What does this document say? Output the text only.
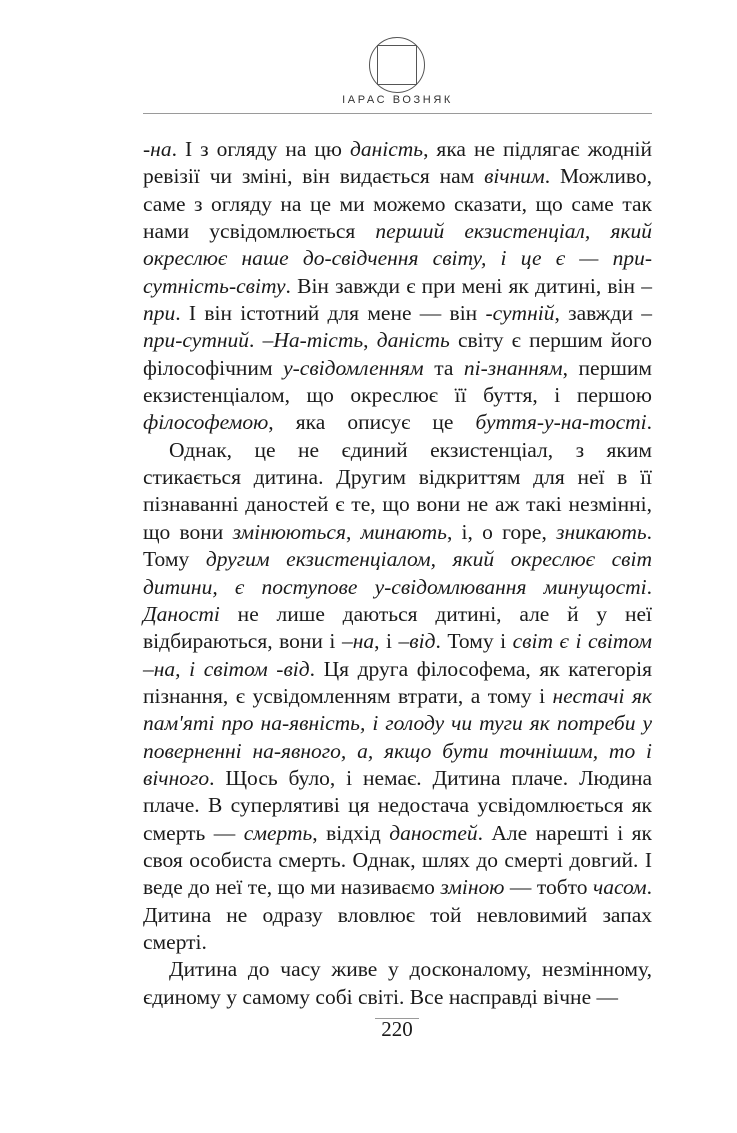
ІАРАС ВОЗНЯК

-на. І з огляду на цю даність, яка не підлягає жодній ревізії чи зміні, він видається нам вічним. Можливо, саме з огляду на це ми можемо сказати, що саме так нами усвідомлюється перший екзистенціал, який окреслює наше до-свідчення світу, і це є — при-сутність-світу. Він завжди є при мені як дитині, він –при. І він істотний для мене — він -сутній, завжди –при-сутний. –На-тість, даність світу є першим його філософічним у-свідомленням та пі-знанням, першим екзистенціалом, що окреслює її буття, і першою філософемою, яка описує це буття-у-на-тості.

Однак, це не єдиний екзистенціал, з яким стикається дитина. Другим відкриттям для неї в її пізнаванні даностей є те, що вони не аж такі незмінні, що вони змінюються, минають, і, о горе, зникають. Тому другим екзистенціалом, який окреслює світ дитини, є поступове у-свідомлювання минущості. Даності не лише даються дитині, але й у неї відбираються, вони і –на, і –від. Тому і світ є і світом –на, і світом -від. Ця друга філософема, як категорія пізнання, є усвідомленням втрати, а тому і нестачі як пам'яті про на-явність, і голоду чи туги як потреби у поверненні на-явного, а, якщо бути точнішим, то і вічного. Щось було, і немає. Дитина плаче. Людина плаче. В суперлятиві ця недостача усвідомлюється як смерть — смерть, відхід даностей. Але нарешті і як своя особиста смерть. Однак, шлях до смерті довгий. І веде до неї те, що ми називаємо зміною — тобто часом. Дитина не одразу вловлює той невловимий запах смерті.

Дитина до часу живе у досконалому, незмінному, єдиному у самому собі світі. Все насправді вічне —

220
